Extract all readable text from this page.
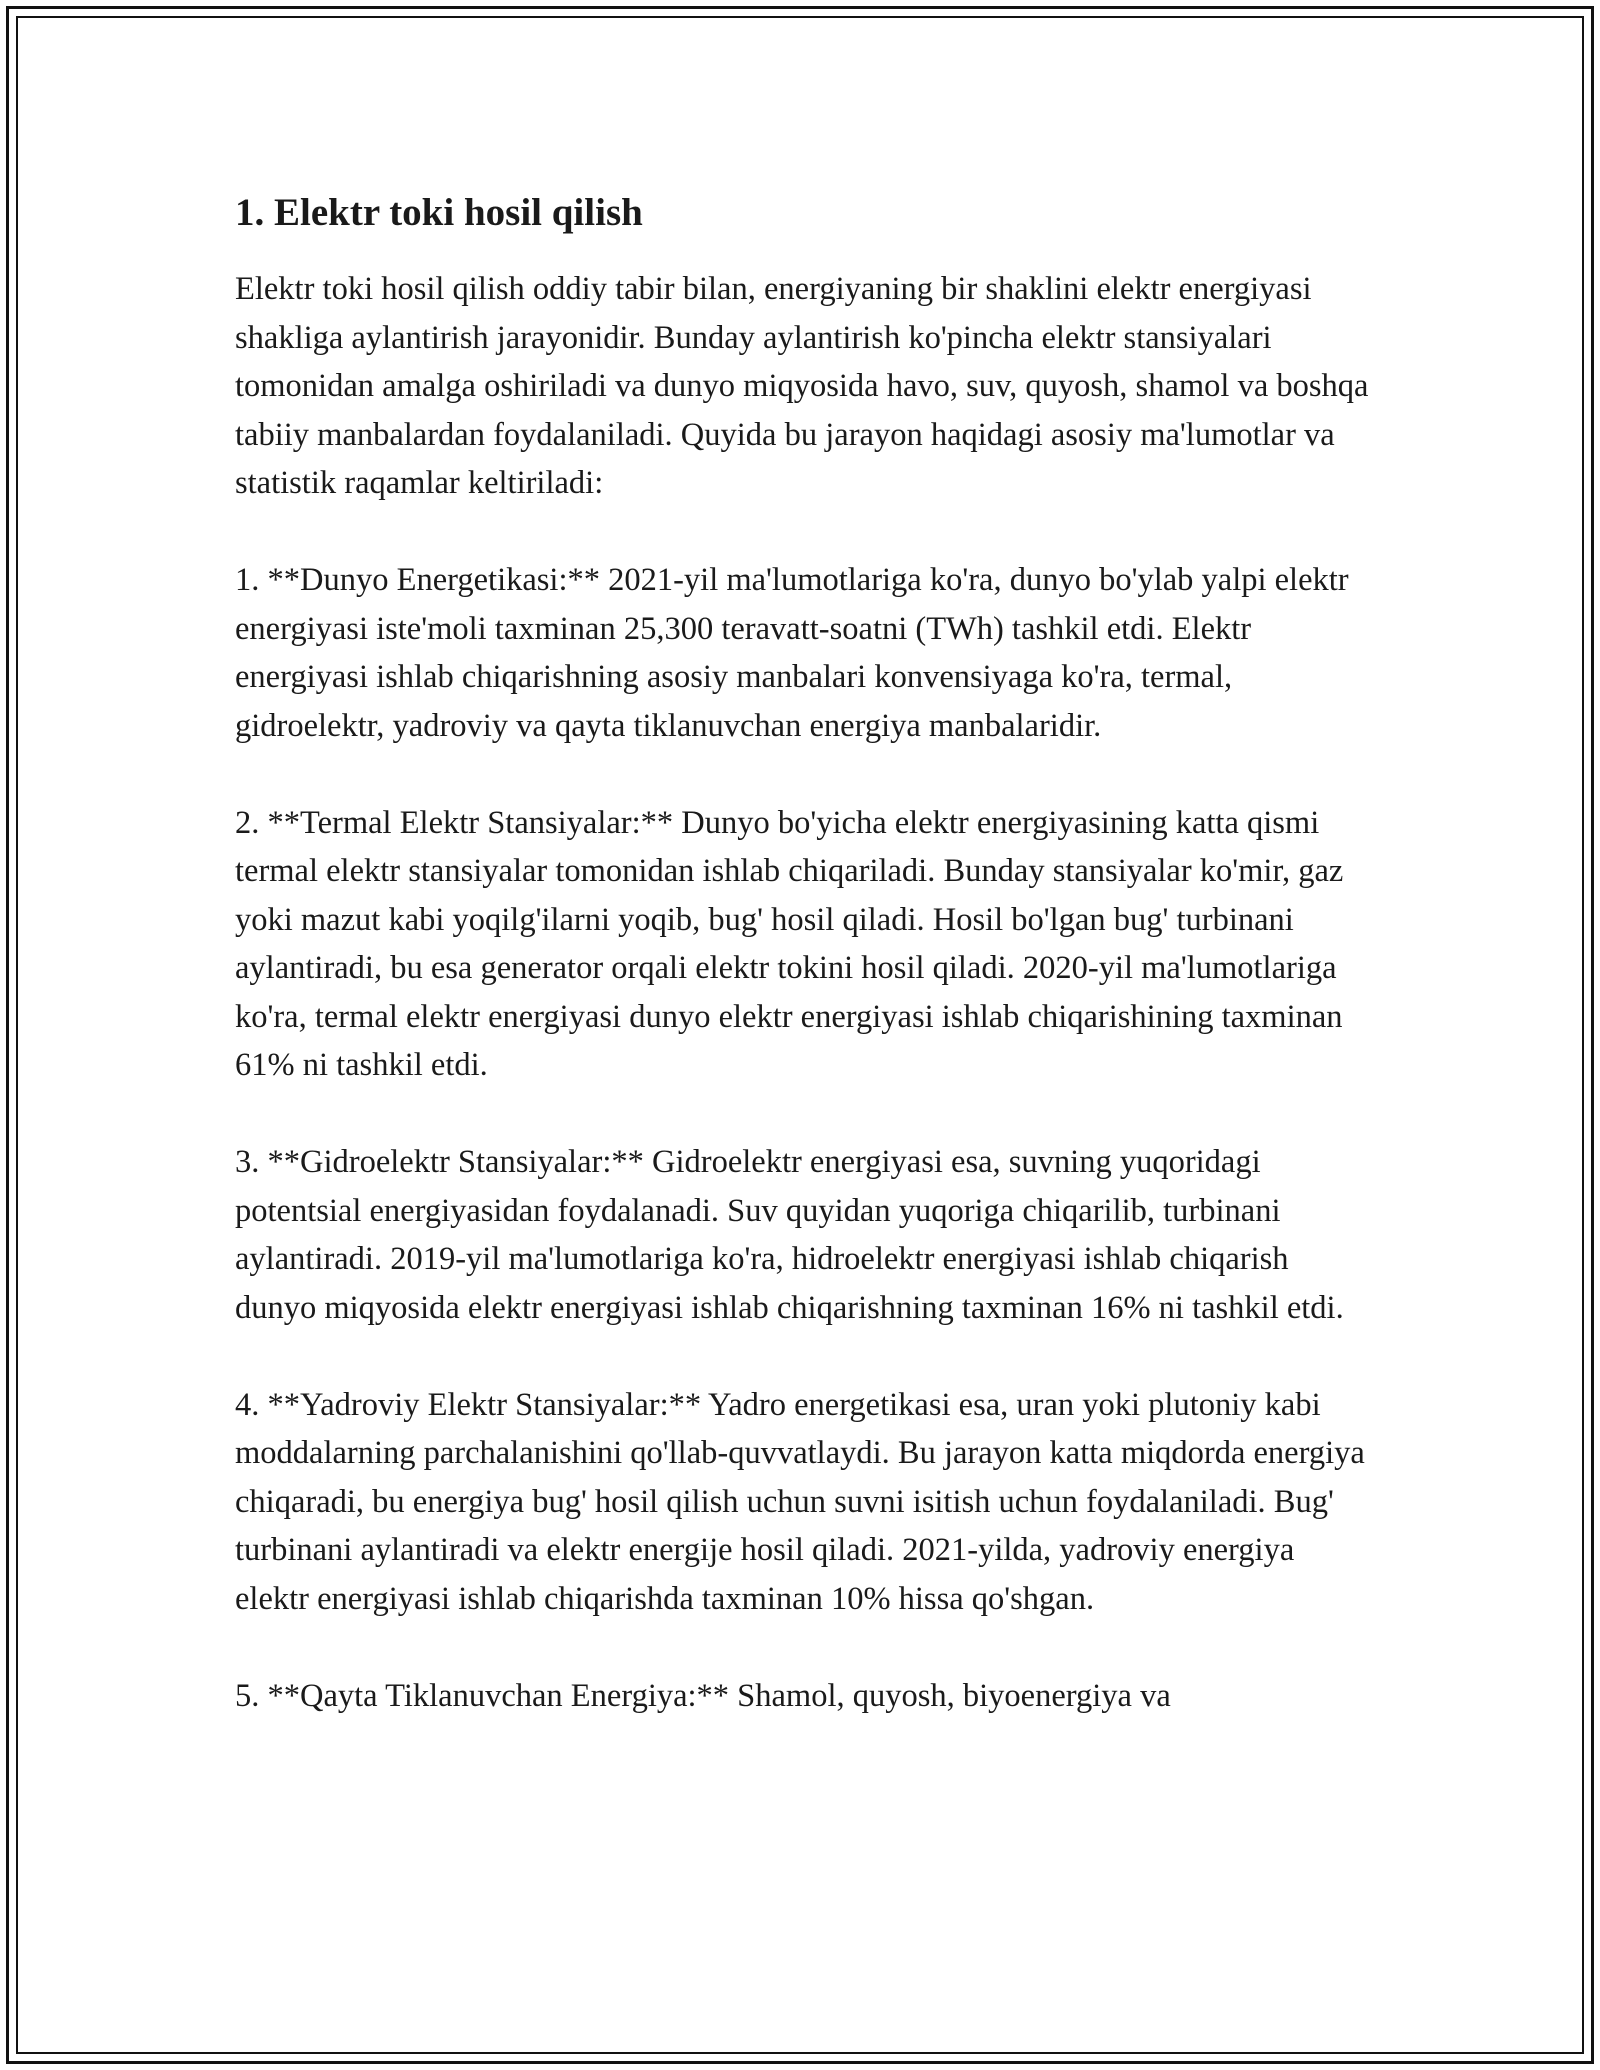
1. Elektr toki hosil qilish

Elektr toki hosil qilish oddiy tabir bilan, energiyaning bir shaklini elektr energiyasi shakliga aylantirish jarayonidir. Bunday aylantirish ko'pincha elektr stansiyalari tomonidan amalga oshiriladi va dunyo miqyosida havo, suv, quyosh, shamol va boshqa tabiiy manbalardan foydalaniladi. Quyida bu jarayon haqidagi asosiy ma'lumotlar va statistik raqamlar keltiriladi:

1. **Dunyo Energetikasi:** 2021-yil ma'lumotlariga ko'ra, dunyo bo'ylab yalpi elektr energiyasi iste'moli taxminan 25,300 teravatt-soatni (TWh) tashkil etdi. Elektr energiyasi ishlab chiqarishning asosiy manbalari konvensiyaga ko'ra, termal, gidroelektr, yadroviy va qayta tiklanuvchan energiya manbalaridir.

2. **Termal Elektr Stansiyalar:** Dunyo bo'yicha elektr energiyasining katta qismi termal elektr stansiyalar tomonidan ishlab chiqariladi. Bunday stansiyalar ko'mir, gaz yoki mazut kabi yoqilg'ilarni yoqib, bug' hosil qiladi. Hosil bo'lgan bug' turbinani aylantiradi, bu esa generator orqali elektr tokini hosil qiladi. 2020-yil ma'lumotlariga ko'ra, termal elektr energiyasi dunyo elektr energiyasi ishlab chiqarishining taxminan 61% ni tashkil etdi.

3. **Gidroelektr Stansiyalar:** Gidroelektr energiyasi esa, suvning yuqoridagi potentsial energiyasidan foydalanadi. Suv quyidan yuqoriga chiqarilib, turbinani aylantiradi. 2019-yil ma'lumotlariga ko'ra, hidroelektr energiyasi ishlab chiqarish dunyo miqyosida elektr energiyasi ishlab chiqarishning taxminan 16% ni tashkil etdi.

4. **Yadroviy Elektr Stansiyalar:** Yadro energetikasi esa, uran yoki plutoniy kabi moddalarning parchalanishini qo'llab-quvvatlaydi. Bu jarayon katta miqdorda energiya chiqaradi, bu energiya bug' hosil qilish uchun suvni isitish uchun foydalaniladi. Bug' turbinani aylantiradi va elektr energije hosil qiladi. 2021-yilda, yadroviy energiya elektr energiyasi ishlab chiqarishda taxminan 10% hissa qo'shgan.

5. **Qayta Tiklanuvchan Energiya:** Shamol, quyosh, biyoenergiya va
